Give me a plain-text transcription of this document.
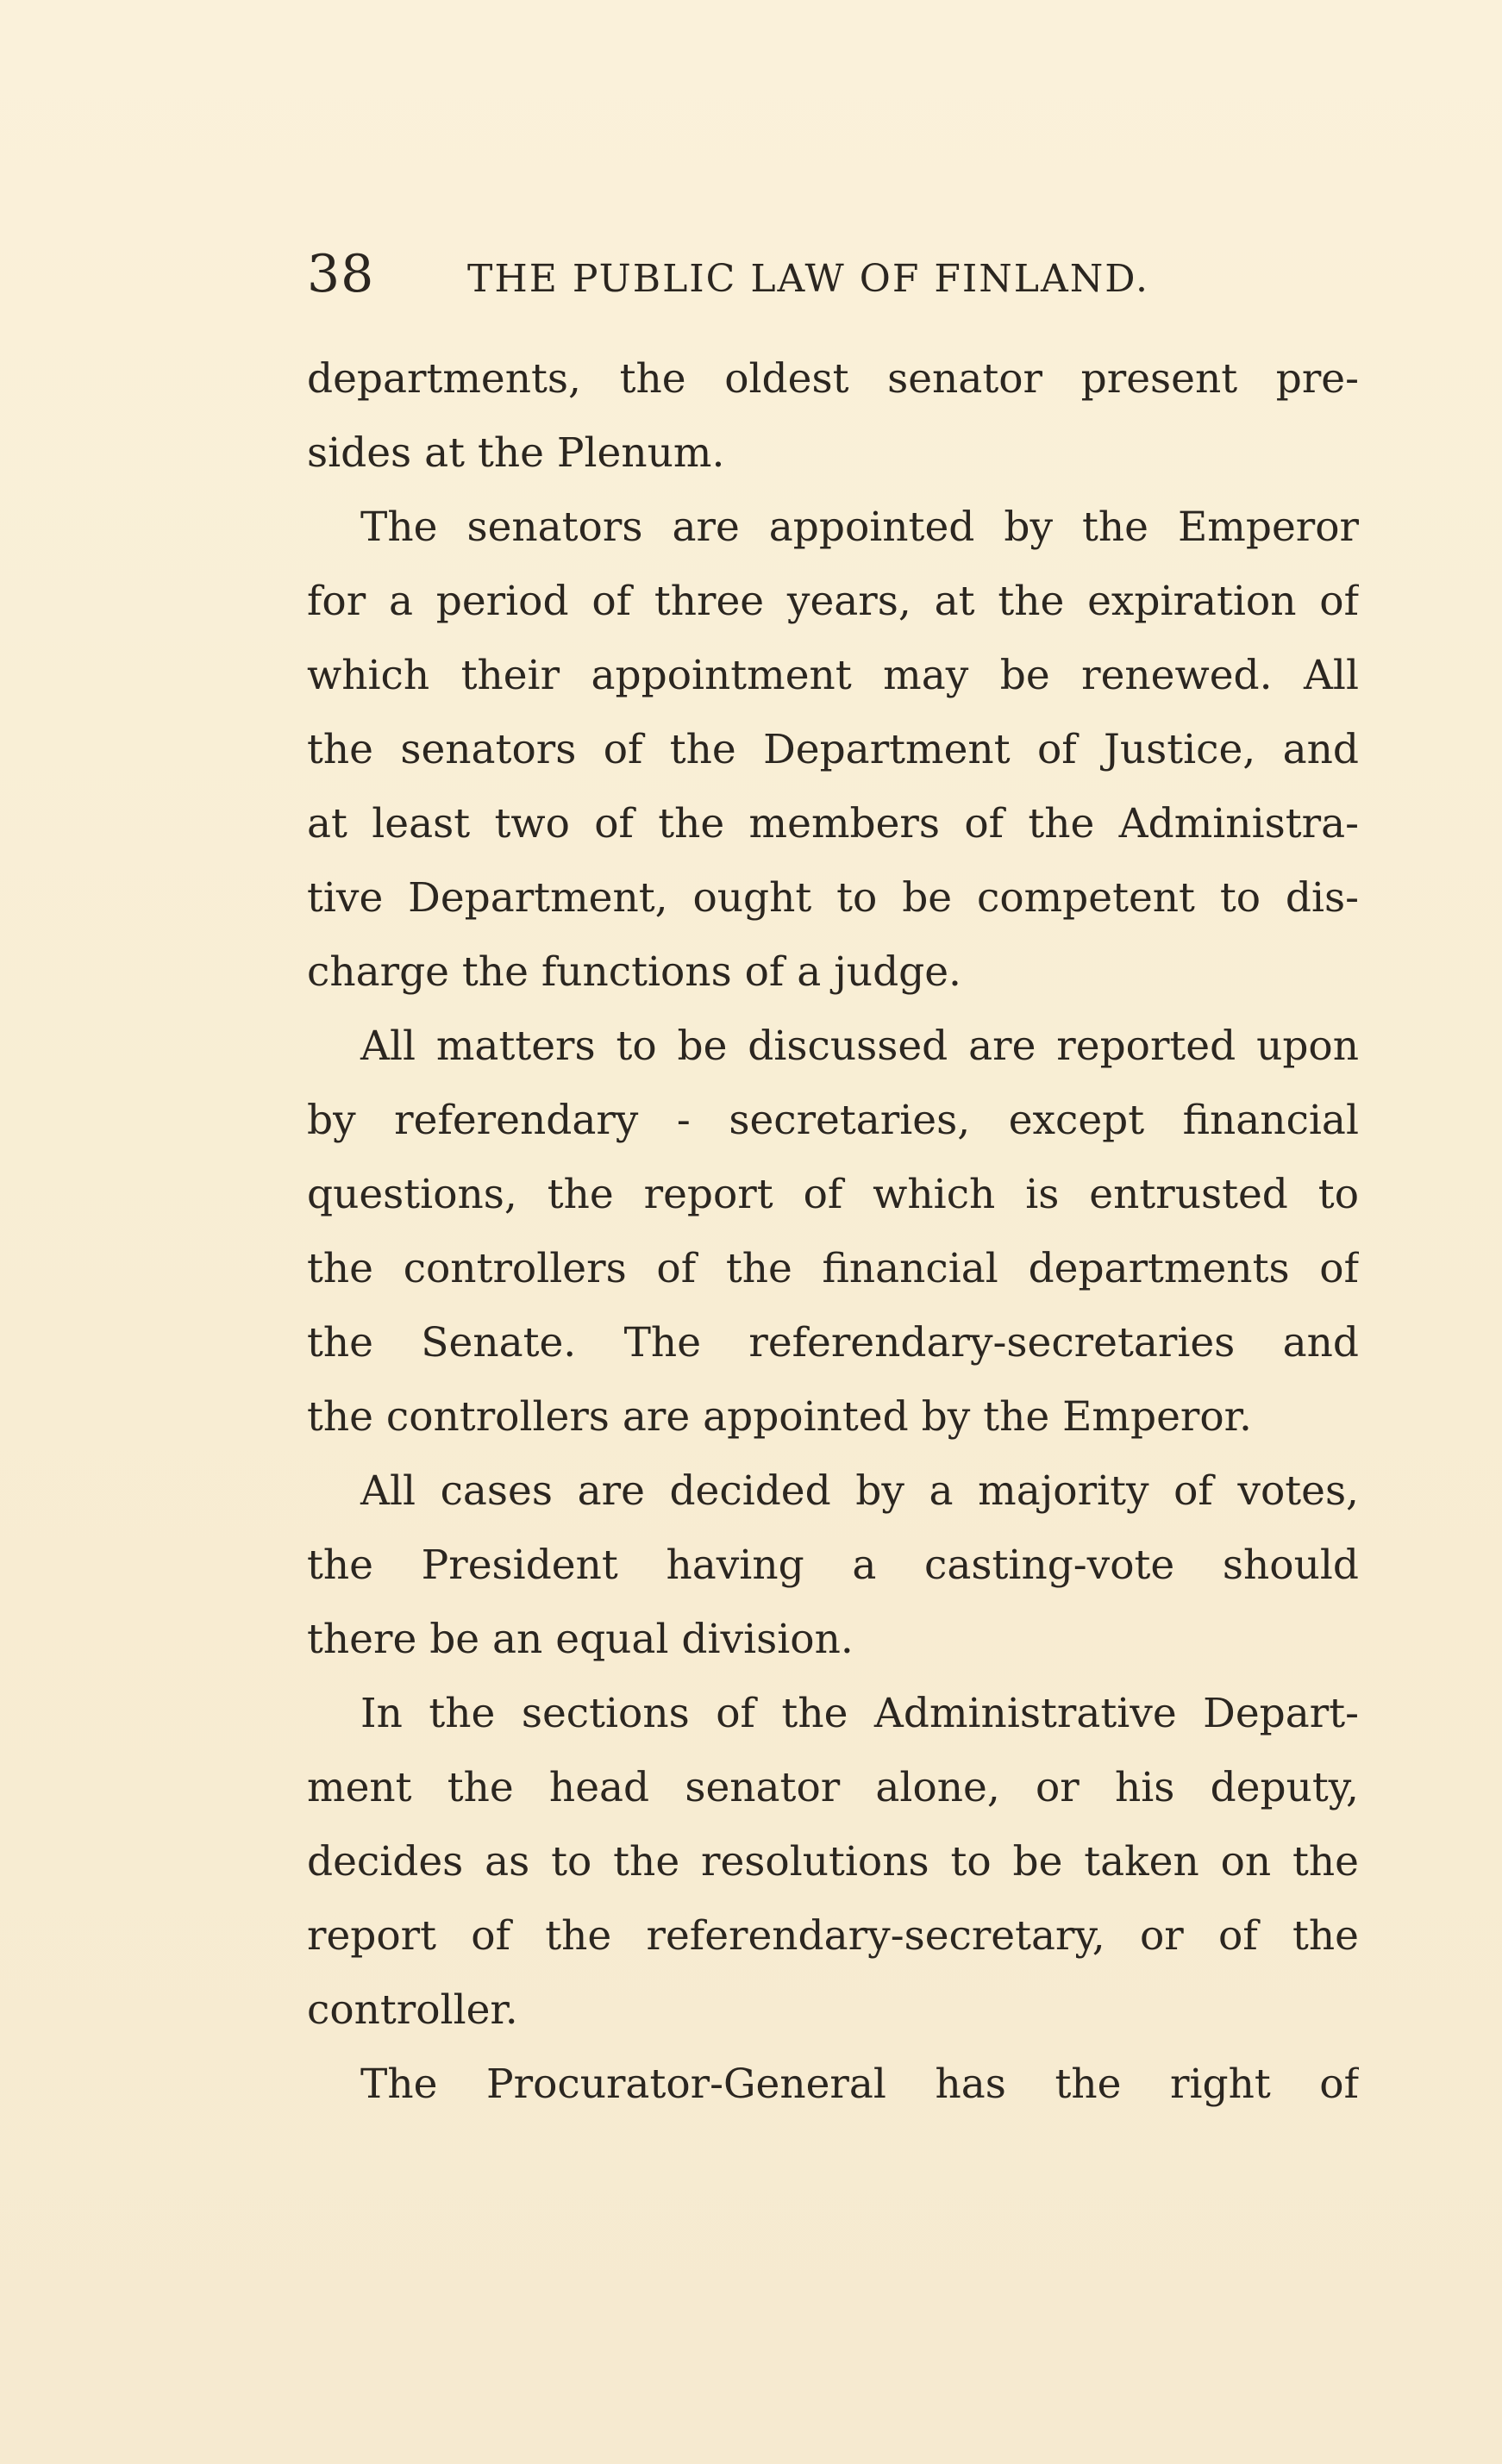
38 THE PUBLIC LAW OF FINLAND.
departments, the oldest senator present pre-
sides at the Plenum.
The senators are appointed by the Emperor
for a period of three years, at the expiration of
which their appointment may be renewed. All
the senators of the Department of Justice, and
at least two of the members of the Administra-
tive Department, ought to be competent to dis-
charge the functions of a judge.
All matters to be discussed are reported upon
by referendary - secretaries, except financial
questions, the report of which is entrusted to
the controllers of the financial departments of
the Senate. The referendary-secretaries and
the controllers are appointed by the Emperor.
All cases are decided by a majority of votes,
the President having a casting-vote should
there be an equal division.
In the sections of the Administrative Depart-
ment the head senator alone, or his deputy,
decides as to the resolutions to be taken on the
report of the referendary-secretary, or of the
controller.
The Procurator-General has the right of
